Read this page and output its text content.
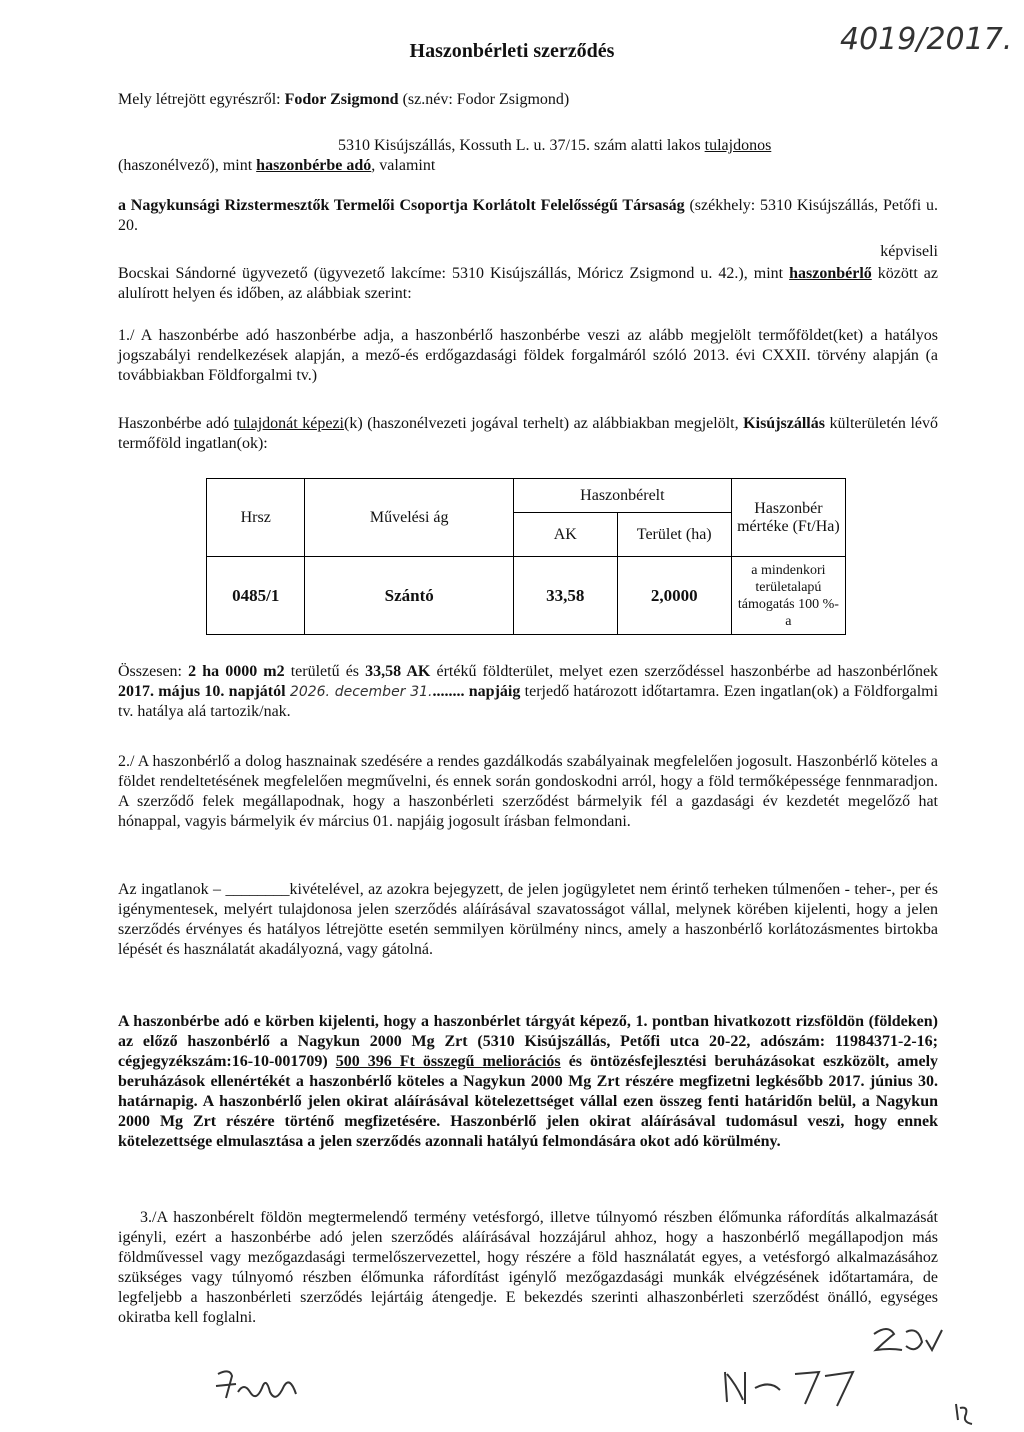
Haszonbérleti szerződés	4019/2017.
Mely létrejött egyrészről: Fodor Zsigmond (sz.név: Fodor Zsigmond)
5310 Kisújszállás, Kossuth L. u. 37/15. szám alatti lakos tulajdonos
(haszonélvező), mint haszonbérbe adó, valamint
a Nagykunsági Rizstermesztők Termelői Csoportja Korlátolt Felelősségű Társaság (székhely: 5310 Kisújszállás, Petőfi u. 20.
képviseli
Bocskai Sándorné ügyvezető (ügyvezető lakcíme: 5310 Kisújszállás, Móricz Zsigmond u. 42.), mint haszonbérlő között az alulírott helyen és időben, az alábbiak szerint:
1./ A haszonbérbe adó haszonbérbe adja, a haszonbérlő haszonbérbe veszi az alább megjelölt termőföldet(ket) a hatályos jogszabályi rendelkezések alapján, a mező-és erdőgazdasági földek forgalmáról szóló 2013. évi CXXII. törvény alapján (a továbbiakban Földforgalmi tv.)
Haszonbérbe adó tulajdonát képezi(k) (haszonélvezeti jogával terhelt) az alábbiakban megjelölt, Kisújszállás külterületén lévő termőföld ingatlan(ok):
Hrsz	Művelési ág	Haszonbérelt		Haszonbér mértéke (Ft/Ha)
		AK	Terület (ha)	
0485/1	Szántó	33,58	2,0000	a mindenkori területalapú támogatás 100 %-a
Összesen: 2 ha 0000 m2 területű és 33,58 AK értékű földterület, melyet ezen szerződéssel haszonbérbe ad haszonbérlőnek 2017. május 10. napjától 2026. december 31......... napjáig terjedő határozott időtartamra. Ezen ingatlan(ok) a Földforgalmi tv. hatálya alá tartozik/nak.
2./ A haszonbérlő a dolog hasznainak szedésére a rendes gazdálkodás szabályainak megfelelően jogosult. Haszonbérlő köteles a földet rendeltetésének megfelelően megművelni, és ennek során gondoskodni arról, hogy a föld termőképessége fennmaradjon. A szerződő felek megállapodnak, hogy a haszonbérleti szerződést bármelyik fél a gazdasági év kezdetét megelőző hat hónappal, vagyis bármelyik év március 01. napjáig jogosult írásban felmondani.
Az ingatlanok – ________kivételével, az azokra bejegyzett, de jelen jogügyletet nem érintő terheken túlmenően - teher-, per és igénymentesek, melyért tulajdonosa jelen szerződés aláírásával szavatosságot vállal, melynek körében kijelenti, hogy a jelen szerződés érvényes és hatályos létrejötte esetén semmilyen körülmény nincs, amely a haszonbérlő korlátozásmentes birtokba lépését és használatát akadályozná, vagy gátolná.
A haszonbérbe adó e körben kijelenti, hogy a haszonbérlet tárgyát képező, 1. pontban hivatkozott rizsföldön (földeken) az előző haszonbérlő a Nagykun 2000 Mg Zrt (5310 Kisújszállás, Petőfi utca 20-22, adószám: 11984371-2-16; cégjegyzékszám:16-10-001709) 500 396 Ft összegű meliorációs és öntözésfejlesztési beruházásokat eszközölt, amely beruházások ellenértékét a haszonbérlő köteles a Nagykun 2000 Mg Zrt részére megfizetni legkésőbb 2017. június 30. határnapig. A haszonbérlő jelen okirat aláírásával kötelezettséget vállal ezen összeg fenti határidőn belül, a Nagykun 2000 Mg Zrt részére történő megfizetésére. Haszonbérlő jelen okirat aláírásával tudomásul veszi, hogy ennek kötelezettsége elmulasztása a jelen szerződés azonnali hatályú felmondására okot adó körülmény.
3./A haszonbérelt földön megtermelendő termény vetésforgó, illetve túlnyomó részben élőmunka ráfordítás alkalmazását igényli, ezért a haszonbérbe adó jelen szerződés aláírásával hozzájárul ahhoz, hogy a haszonbérlő megállapodjon más földművessel vagy mezőgazdasági termelőszervezettel, hogy részére a föld használatát egyes, a vetésforgó alkalmazásához szükséges vagy túlnyomó részben élőmunka ráfordítást igénylő mezőgazdasági munkák elvégzésének időtartamára, de legfeljebb a haszonbérleti szerződés lejártáig átengedje. E bekezdés szerinti alhaszonbérleti szerződést önálló, egységes okiratba kell foglalni.
